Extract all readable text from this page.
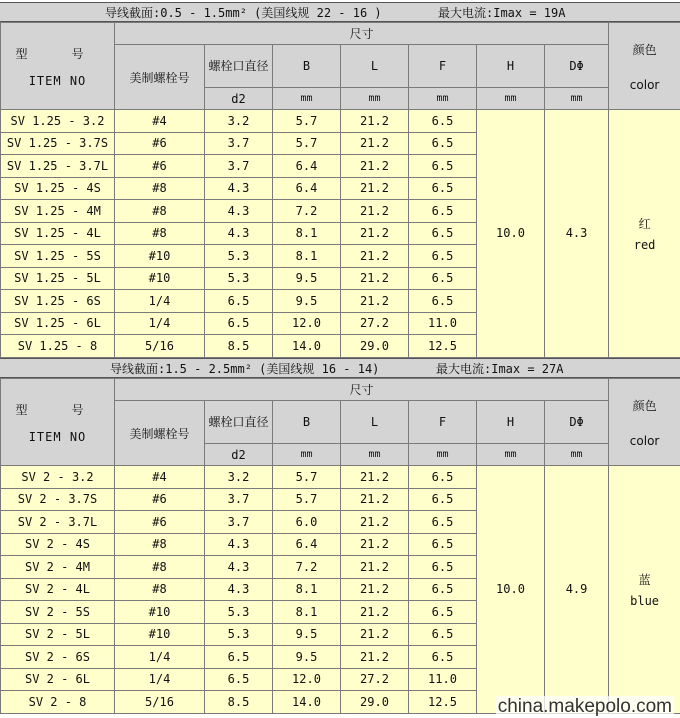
导线截面:0.5 - 1.5mm² (美国线规 22 - 16 )	最大电流:Imax = 19A
型　号
ITEM NO	尺寸							颜色
color
	美制螺栓号	螺栓口直径	B	L	F	H	DΦ	
		d2	mm	mm	mm	mm	mm	
SV 1.25 - 3.2	#4	3.2	5.7	21.2	6.5	10.0	4.3	红
red

SV 1.25 - 3.7S	#6	3.7	5.7	21.2	6.5			
SV 1.25 - 3.7L	#6	3.7	6.4	21.2	6.5			
SV 1.25 - 4S	#8	4.3	6.4	21.2	6.5			
SV 1.25 - 4M	#8	4.3	7.2	21.2	6.5			
SV 1.25 - 4L	#8	4.3	8.1	21.2	6.5			
SV 1.25 - 5S	#10	5.3	8.1	21.2	6.5			
SV 1.25 - 5L	#10	5.3	9.5	21.2	6.5			
SV 1.25 - 6S	1/4	6.5	9.5	21.2	6.5			
SV 1.25 - 6L	1/4	6.5	12.0	27.2	11.0			
SV 1.25 - 8	5/16	8.5	14.0	29.0	12.5			
导线截面:1.5 - 2.5mm² (美国线规 16 - 14)	最大电流:Imax = 27A
型　号
ITEM NO	尺寸							颜色
color
	美制螺栓号	螺栓口直径	B	L	F	H	DΦ	
		d2	mm	mm	mm	mm	mm	
SV 2 - 3.2	#4	3.2	5.7	21.2	6.5	10.0	4.9	蓝
blue

SV 2 - 3.7S	#6	3.7	5.7	21.2	6.5			
SV 2 - 3.7L	#6	3.7	6.0	21.2	6.5			
SV 2 - 4S	#8	4.3	6.4	21.2	6.5			
SV 2 - 4M	#8	4.3	7.2	21.2	6.5			
SV 2 - 4L	#8	4.3	8.1	21.2	6.5			
SV 2 - 5S	#10	5.3	8.1	21.2	6.5			
SV 2 - 5L	#10	5.3	9.5	21.2	6.5			
SV 2 - 6S	1/4	6.5	9.5	21.2	6.5			
SV 2 - 6L	1/4	6.5	12.0	27.2	11.0			
SV 2 - 8	5/16	8.5	14.0	29.0	12.5			china.makepolo.com
